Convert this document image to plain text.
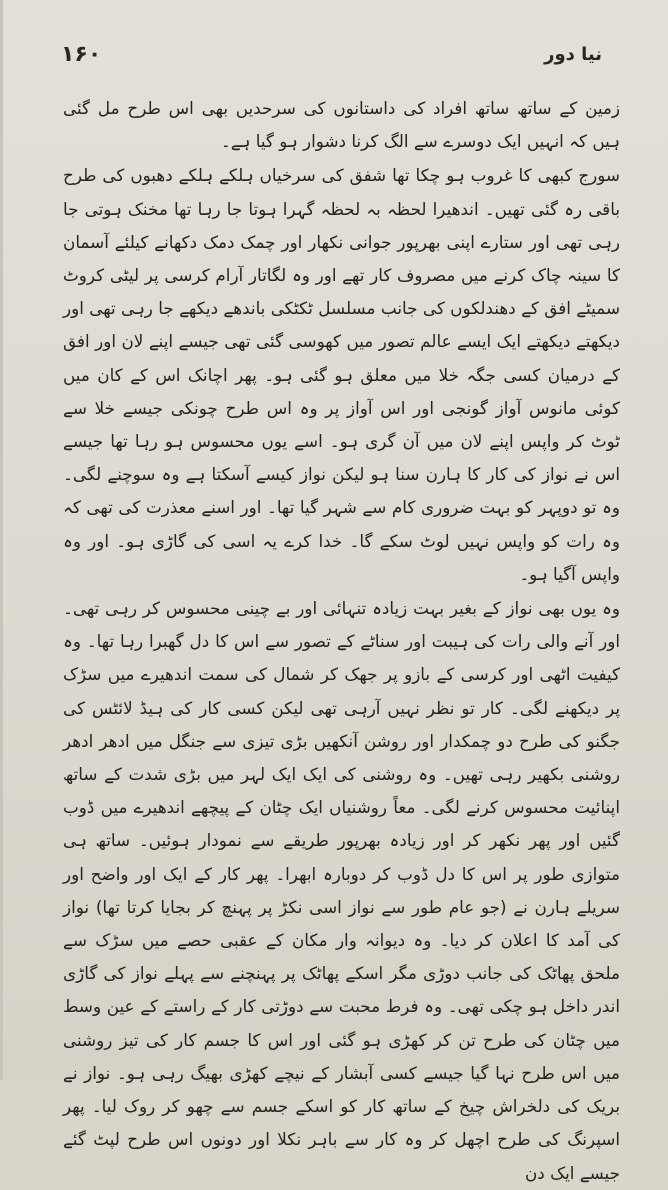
۱۶۰	نیا دور

زمین کے ساتھ ساتھ افراد کی داستانوں کی سرحدیں بھی اس طرح مل گئی ہیں کہ انہیں ایک دوسرے سے الگ کرنا دشوار ہو گیا ہے۔

سورج کبھی کا غروب ہو چکا تھا شفق کی سرخیاں ہلکے ہلکے دھبوں کی طرح باقی رہ گئی تھیں۔ اندھیرا لحظہ بہ لحظہ گہرا ہوتا جا رہا تھا مخنک ہوتی جا رہی تھی اور ستارے اپنی بھرپور جوانی نکھار اور چمک دمک دکھانے کیلئے آسمان کا سینہ چاک کرنے میں مصروف کار تھے اور وہ لگاتار آرام کرسی پر لیٹی کروٹ سمیٹے افق کے دھندلکوں کی جانب مسلسل ٹکٹکی باندھے دیکھے جا رہی تھی اور دیکھتے دیکھتے ایک ایسے عالم تصور میں کھوسی گئی تھی جیسے اپنے لان اور افق کے درمیان کسی جگہ خلا میں معلق ہو گئی ہو۔ پھر اچانک اس کے کان میں کوئی مانوس آواز گونجی اور اس آواز پر وہ اس طرح چونکی جیسے خلا سے ٹوٹ کر واپس اپنے لان میں آن گری ہو۔ اسے یوں محسوس ہو رہا تھا جیسے اس نے نواز کی کار کا ہارن سنا ہو لیکن نواز کیسے آسکتا ہے وہ سوچنے لگی۔ وہ تو دوپہر کو بہت ضروری کام سے شہر گیا تھا۔ اور اسنے معذرت کی تھی کہ وہ رات کو واپس نہیں لوٹ سکے گا۔ خدا کرے یہ اسی کی گاڑی ہو۔ اور وہ واپس آگیا ہو۔

وہ یوں بھی نواز کے بغیر بہت زیادہ تنہائی اور بے چینی محسوس کر رہی تھی۔ اور آنے والی رات کی ہیبت اور سناٹے کے تصور سے اس کا دل گھبرا رہا تھا۔ وہ کیفیت اٹھی اور کرسی کے بازو پر جھک کر شمال کی سمت اندھیرے میں سڑک پر دیکھنے لگی۔ کار تو نظر نہیں آرہی تھی لیکن کسی کار کی ہیڈ لائٹس کی جگنو کی طرح دو چمکدار اور روشن آنکھیں بڑی تیزی سے جنگل میں ادھر ادھر روشنی بکھیر رہی تھیں۔ وہ روشنی کی ایک ایک لہر میں بڑی شدت کے ساتھ اپنائیت محسوس کرنے لگی۔ معاً روشنیاں ایک چٹان کے پیچھے اندھیرے میں ڈوب گئیں اور پھر نکھر کر اور زیادہ بھرپور طریقے سے نمودار ہوئیں۔ ساتھ ہی متوازی طور پر اس کا دل ڈوب کر دوبارہ ابھرا۔ پھر کار کے ایک اور واضح اور سریلے ہارن نے (جو عام طور سے نواز اسی نکڑ پر پہنچ کر بجایا کرتا تھا) نواز کی آمد کا اعلان کر دیا۔ وہ دیوانہ وار مکان کے عقبی حصے میں سڑک سے ملحق پھاٹک کی جانب دوڑی مگر اسکے پھاٹک پر پہنچنے سے پہلے نواز کی گاڑی اندر داخل ہو چکی تھی۔ وہ فرط محبت سے دوڑتی کار کے راستے کے عین وسط میں چٹان کی طرح تن کر کھڑی ہو گئی اور اس کا جسم کار کی تیز روشنی میں اس طرح نہا گیا جیسے کسی آبشار کے نیچے کھڑی بھیگ رہی ہو۔ نواز نے بریک کی دلخراش چیخ کے ساتھ کار کو اسکے جسم سے چھو کر روک لیا۔ پھر اسپرنگ کی طرح اچھل کر وہ کار سے باہر نکلا اور دونوں اس طرح لپٹ گئے جیسے ایک دن
